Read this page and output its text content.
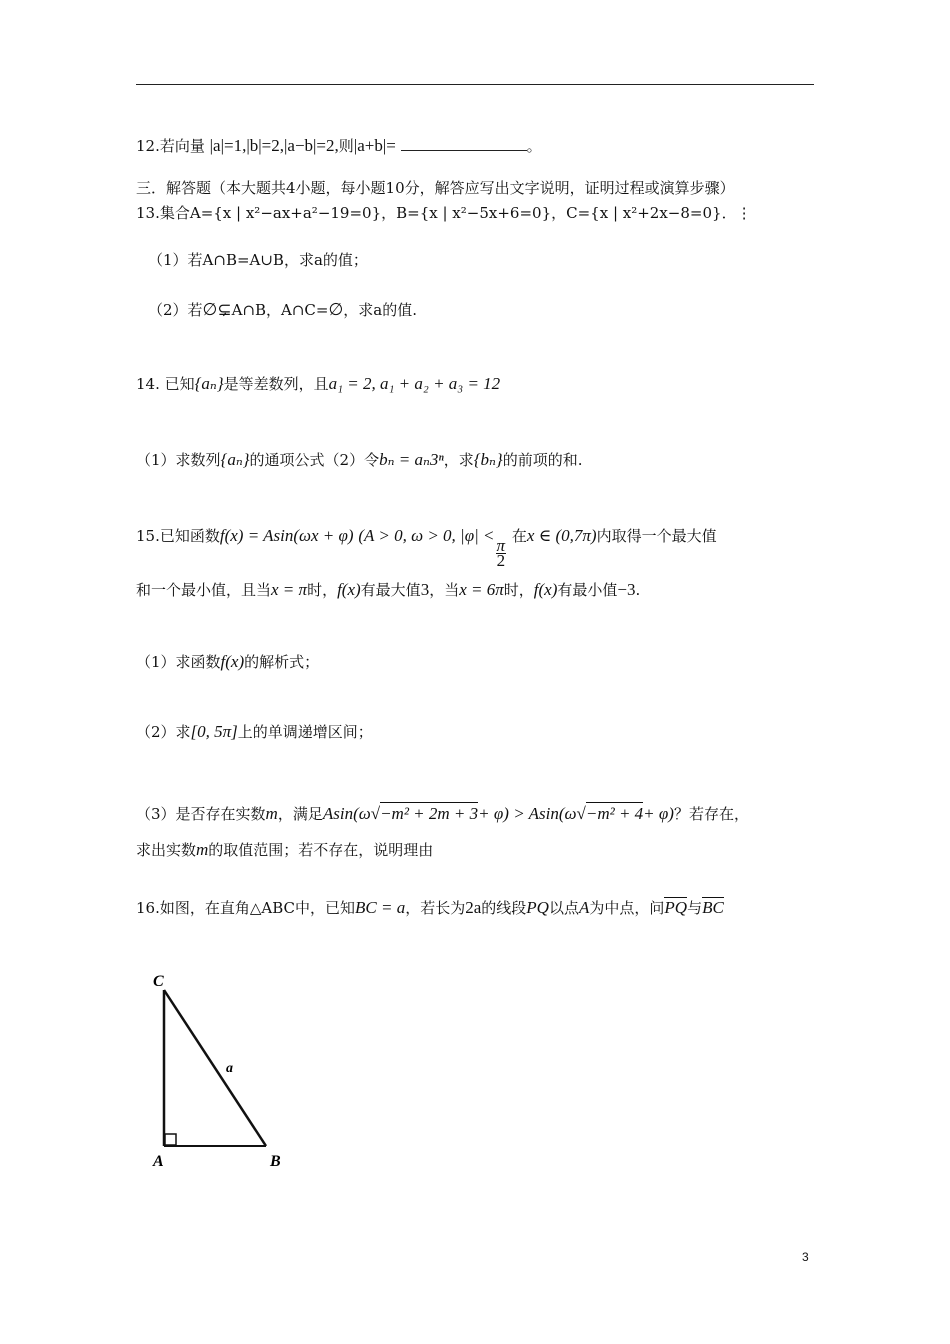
12.若向量 |a|=1,|b|=2,|a−b|=2,则|a+b|=	。
三．解答题（本大题共4小题，每小题10分，解答应写出文字说明，证明过程或演算步骤）
13.集合A={x | x²−ax+a²−19=0}，B={x | x²−5x+6=0}，C={x | x²+2x−8=0}．⋮
（1）若A∩B=A∪B，求a的值；
（2）若∅⊊A∩B，A∩C=∅，求a的值.
14. 已知{aₙ}是等差数列，且a₁ = 2, a₁ + a₂ + a₃ = 12
（1）求数列{aₙ}的通项公式（2）令bₙ = aₙ3ⁿ，求{bₙ}的前项的和.
15.已知函数f(x) = Asin(ωx + φ) (A > 0, ω > 0, |φ| <
$\frac{\pi}{2}$
在x ∈ (0,7π)内取得一个最大值
和一个最小值，且当x = π时，f(x)有最大值3，当x = 6π时，f(x)有最小值−3.
（1）求函数f(x)的解析式；
（2）求[0, 5π]上的单调递增区间；
（3）是否存在实数m，满足Asin(ω√−m² + 2m + 3+ φ) > Asin(ω√−m² + 4+ φ)？若存在，
求出实数m的取值范围；若不存在，说明理由
16.如图，在直角△ABC中，已知BC = a，若长为2a的线段PQ以点A为中点，问PQ与BC
C
A	B
a
3
